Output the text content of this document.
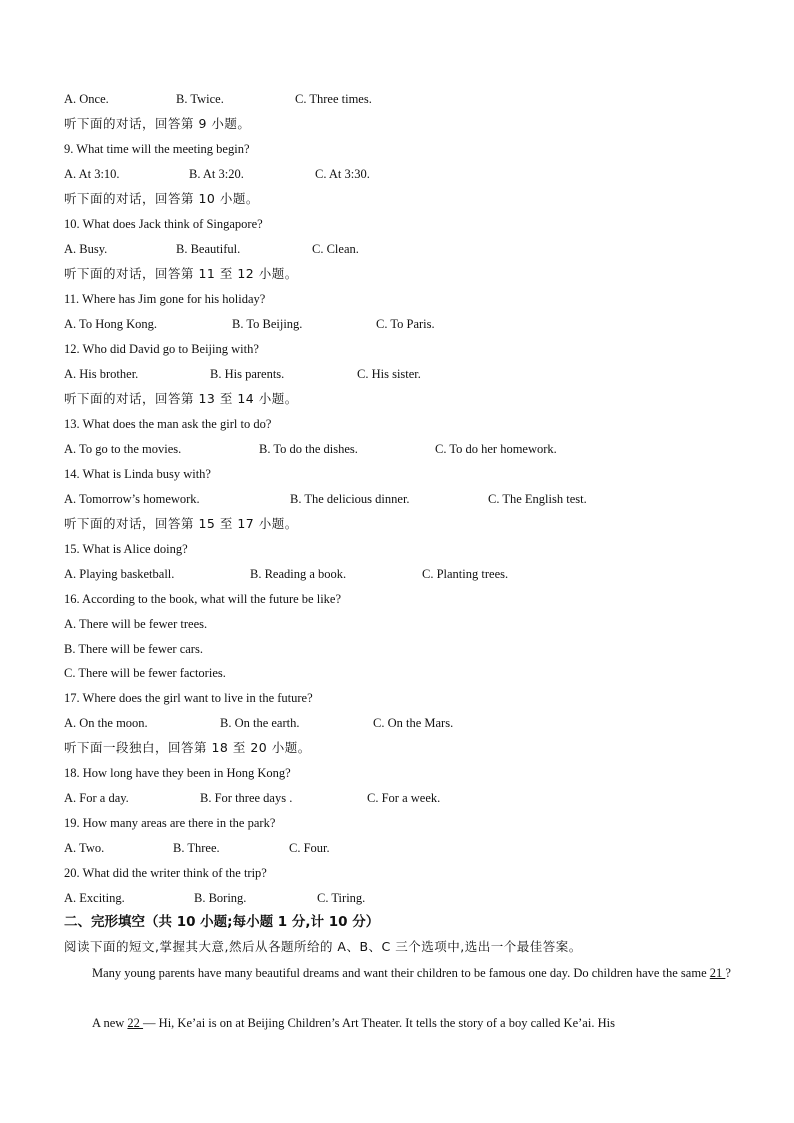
A. Once.	B. Twice.	C. Three times.
听下面的对话，回答第 9 小题。
9. What time will the meeting begin?
A. At 3:10.	B. At 3:20.	C. At 3:30.
听下面的对话，回答第 10 小题。
10. What does Jack think of Singapore?
A. Busy.	B. Beautiful.	C. Clean.
听下面的对话，回答第 11 至 12 小题。
11. Where has Jim gone for his holiday?
A. To Hong Kong.	B. To Beijing.	C. To Paris.
12. Who did David go to Beijing with?
A. His brother.	B. His parents.	C. His sister.
听下面的对话，回答第 13 至 14 小题。
13. What does the man ask the girl to do?
A. To go to the movies.	B. To do the dishes.	C. To do her homework.
14. What is Linda busy with?
A. Tomorrow’s homework.	B. The delicious dinner.	C. The English test.
听下面的对话，回答第 15 至 17 小题。
15. What is Alice doing?
A. Playing basketball.	B. Reading a book.	C. Planting trees.
16. According to the book, what will the future be like?
A. There will be fewer trees.
B. There will be fewer cars.
C. There will be fewer factories.
17. Where does the girl want to live in the future?
A. On the moon.	B. On the earth.	C. On the Mars.
听下面一段独白，回答第 18 至 20 小题。
18. How long have they been in Hong Kong?
A. For a day.	B. For three days .	C. For a week.
19. How many areas are there in the park?
A. Two.	B. Three.	C. Four.
20. What did the writer think of the trip?
A. Exciting.	B. Boring.	C. Tiring.
二、完形填空（共 10 小题;每小题 1 分,计 10 分）
阅读下面的短文,掌握其大意,然后从各题所给的 A、B、C 三个选项中,选出一个最佳答案。
Many young parents have many beautiful dreams and want their children to be famous one day. Do children have the same 21 ?
A new 22 — Hi, Ke’ai is on at Beijing Children’s Art Theater. It tells the story of a boy called Ke’ai. His
